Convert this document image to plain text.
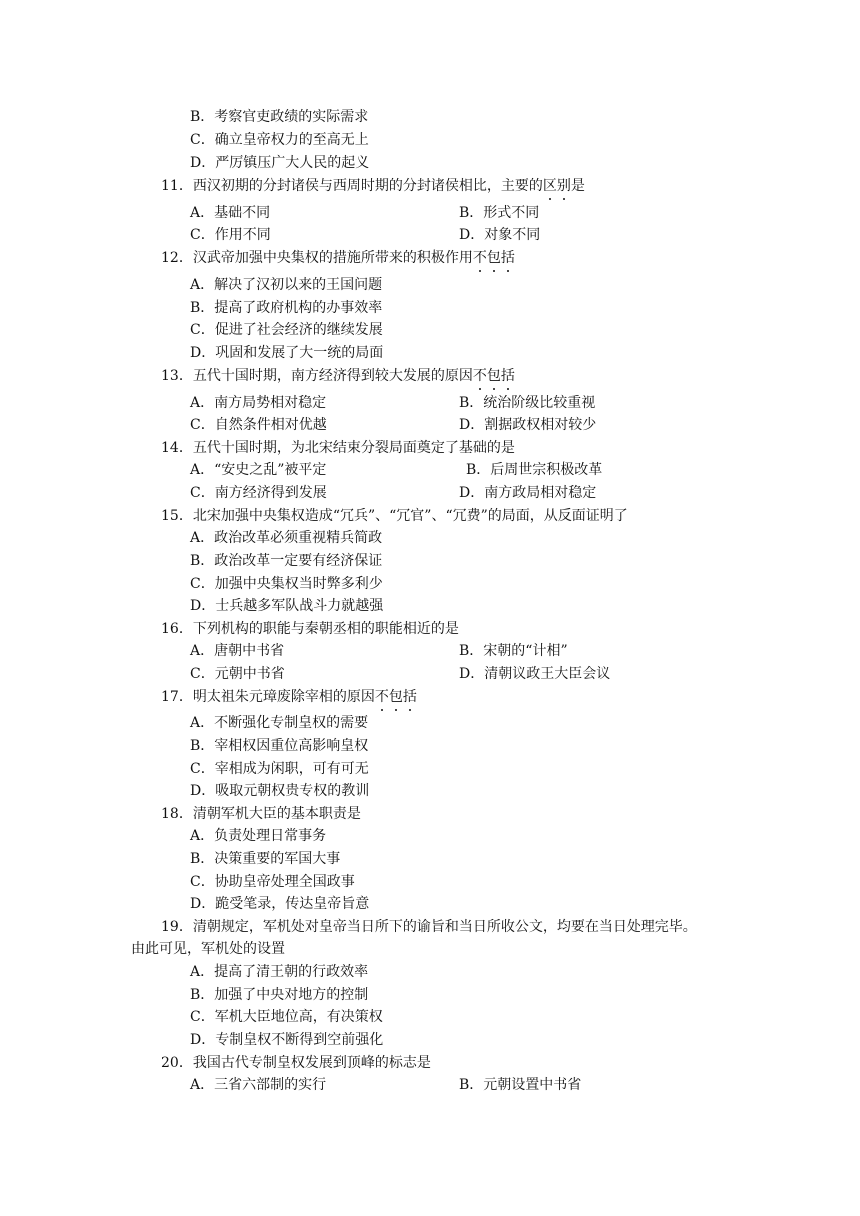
B．考察官吏政绩的实际需求
C．确立皇帝权力的至高无上
D．严厉镇压广大人民的起义
11．西汉初期的分封诸侯与西周时期的分封诸侯相比，主要的区别是
A．基础不同	B．形式不同
C．作用不同	D．对象不同
12．汉武帝加强中央集权的措施所带来的积极作用不包括
A．解决了汉初以来的王国问题
B．提高了政府机构的办事效率
C．促进了社会经济的继续发展
D．巩固和发展了大一统的局面
13．五代十国时期，南方经济得到较大发展的原因不包括
A．南方局势相对稳定	B．统治阶级比较重视
C．自然条件相对优越	D．割据政权相对较少
14．五代十国时期，为北宋结束分裂局面奠定了基础的是
A．“安史之乱”被平定	B．后周世宗积极改革
C．南方经济得到发展	D．南方政局相对稳定
15．北宋加强中央集权造成“冗兵”、“冗官”、“冗费”的局面，从反面证明了
A．政治改革必须重视精兵简政
B．政治改革一定要有经济保证
C．加强中央集权当时弊多利少
D．士兵越多军队战斗力就越强
16．下列机构的职能与秦朝丞相的职能相近的是
A．唐朝中书省	B．宋朝的“计相”
C．元朝中书省	D．清朝议政王大臣会议
17．明太祖朱元璋废除宰相的原因不包括
A．不断强化专制皇权的需要
B．宰相权因重位高影响皇权
C．宰相成为闲职，可有可无
D．吸取元朝权贵专权的教训
18．清朝军机大臣的基本职责是
A．负责处理日常事务
B．决策重要的军国大事
C．协助皇帝处理全国政事
D．跪受笔录，传达皇帝旨意
19．清朝规定，军机处对皇帝当日所下的谕旨和当日所收公文，均要在当日处理完毕。
由此可见，军机处的设置
A．提高了清王朝的行政效率
B．加强了中央对地方的控制
C．军机大臣地位高，有决策权
D．专制皇权不断得到空前强化
20．我国古代专制皇权发展到顶峰的标志是
A．三省六部制的实行	B．元朝设置中书省
